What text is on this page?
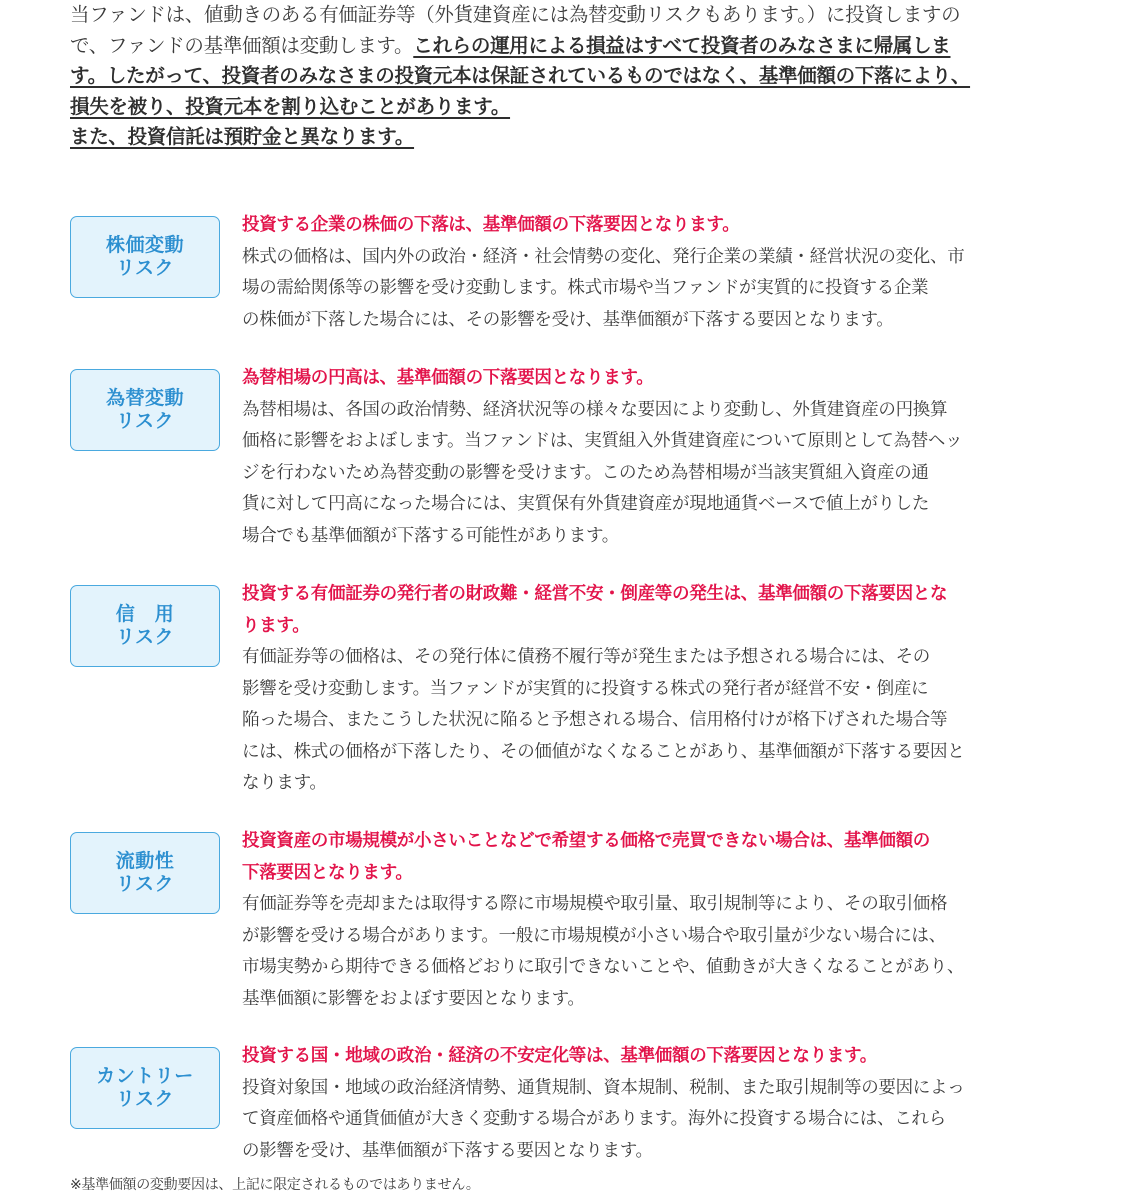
当ファンドは、値動きのある有価証券等（外貨建資産には為替変動リスクもあります。）に投資しますの
で、ファンドの基準価額は変動します。これらの運用による損益はすべて投資者のみなさまに帰属しま
す。したがって、投資者のみなさまの投資元本は保証されているものではなく、基準価額の下落により、
損失を被り、投資元本を割り込むことがあります。
また、投資信託は預貯金と異なります。
株価変動
リスク
投資する企業の株価の下落は、基準価額の下落要因となります。
株式の価格は、国内外の政治・経済・社会情勢の変化、発行企業の業績・経営状況の変化、市
場の需給関係等の影響を受け変動します。株式市場や当ファンドが実質的に投資する企業
の株価が下落した場合には、その影響を受け、基準価額が下落する要因となります。
為替変動
リスク
為替相場の円高は、基準価額の下落要因となります。
為替相場は、各国の政治情勢、経済状況等の様々な要因により変動し、外貨建資産の円換算
価格に影響をおよぼします。当ファンドは、実質組入外貨建資産について原則として為替ヘッ
ジを行わないため為替変動の影響を受けます。このため為替相場が当該実質組入資産の通
貨に対して円高になった場合には、実質保有外貨建資産が現地通貨ベースで値上がりした
場合でも基準価額が下落する可能性があります。
信　用
リスク
投資する有価証券の発行者の財政難・経営不安・倒産等の発生は、基準価額の下落要因とな
ります。
有価証券等の価格は、その発行体に債務不履行等が発生または予想される場合には、その
影響を受け変動します。当ファンドが実質的に投資する株式の発行者が経営不安・倒産に
陥った場合、またこうした状況に陥ると予想される場合、信用格付けが格下げされた場合等
には、株式の価格が下落したり、その価値がなくなることがあり、基準価額が下落する要因と
なります。
流動性
リスク
投資資産の市場規模が小さいことなどで希望する価格で売買できない場合は、基準価額の
下落要因となります。
有価証券等を売却または取得する際に市場規模や取引量、取引規制等により、その取引価格
が影響を受ける場合があります。一般に市場規模が小さい場合や取引量が少ない場合には、
市場実勢から期待できる価格どおりに取引できないことや、値動きが大きくなることがあり、
基準価額に影響をおよぼす要因となります。
カントリー
リスク
投資する国・地域の政治・経済の不安定化等は、基準価額の下落要因となります。
投資対象国・地域の政治経済情勢、通貨規制、資本規制、税制、また取引規制等の要因によっ
て資産価格や通貨価値が大きく変動する場合があります。海外に投資する場合には、これら
の影響を受け、基準価額が下落する要因となります。
※基準価額の変動要因は、上記に限定されるものではありません。
